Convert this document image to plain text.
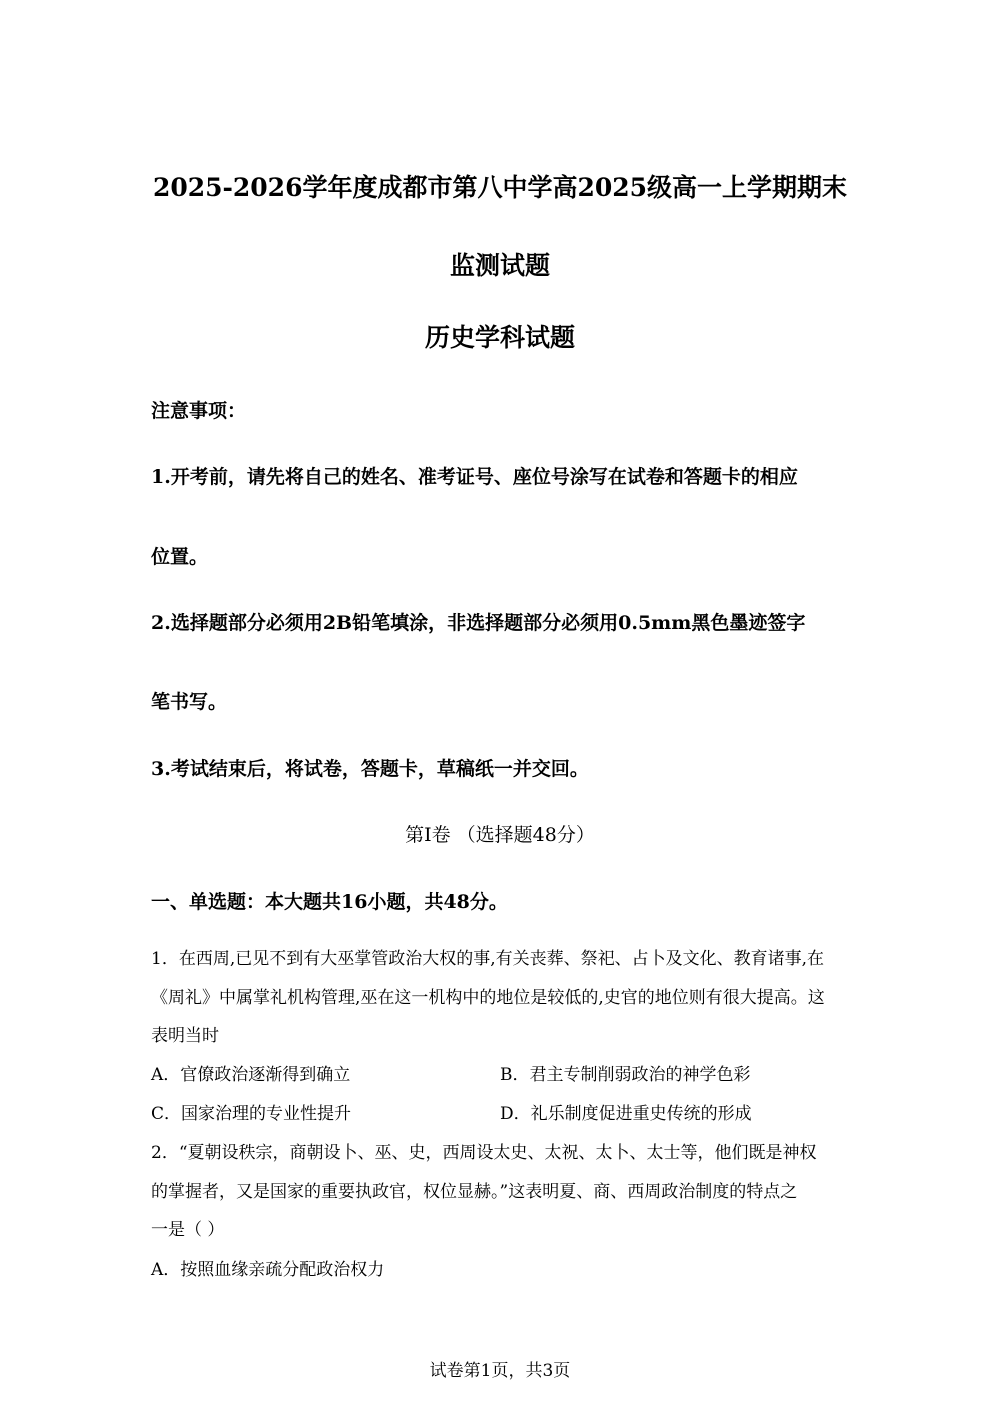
2025-2026学年度成都市第八中学高2025级高一上学期期末
监测试题
历史学科试题
注意事项：
1.开考前，请先将自己的姓名、准考证号、座位号涂写在试卷和答题卡的相应
位置。
2.选择题部分必须用2B铅笔填涂，非选择题部分必须用0.5mm黑色墨迹签字
笔书写。
3.考试结束后，将试卷，答题卡，草稿纸一并交回。
第Ⅰ卷 （选择题48分）
一、单选题：本大题共16小题，共48分。
1．在西周,已见不到有大巫掌管政治大权的事,有关丧葬、祭祀、占卜及文化、教育诸事,在
《周礼》中属掌礼机构管理,巫在这一机构中的地位是较低的,史官的地位则有很大提高。这
表明当时
A．官僚政治逐渐得到确立	B．君主专制削弱政治的神学色彩
C．国家治理的专业性提升	D．礼乐制度促进重史传统的形成
2．“夏朝设秩宗，商朝设卜、巫、史，西周设太史、太祝、太卜、太士等，他们既是神权
的掌握者，又是国家的重要执政官，权位显赫。”这表明夏、商、西周政治制度的特点之
一是（ ）
A．按照血缘亲疏分配政治权力
试卷第1页，共3页
